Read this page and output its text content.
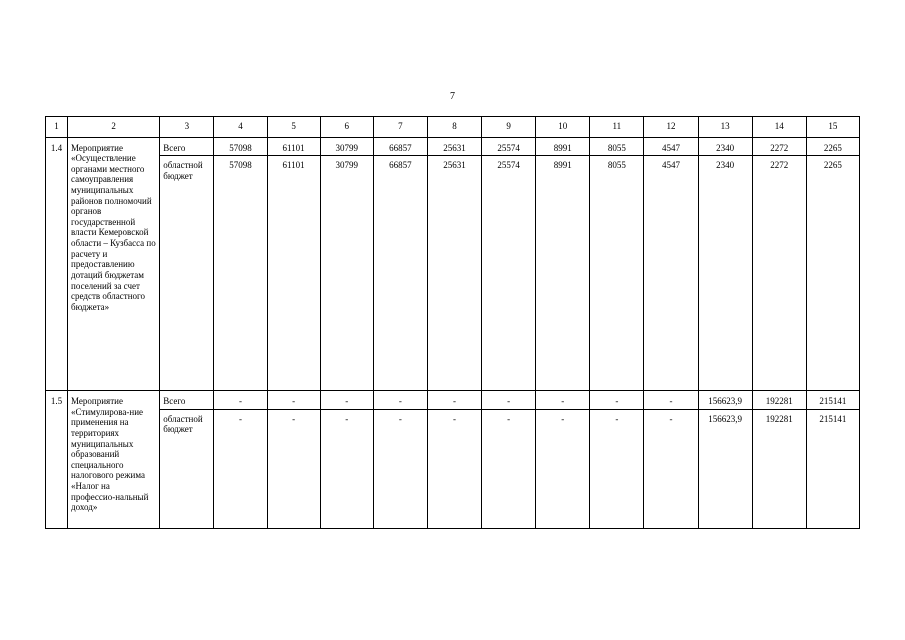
7
1	2	3	4	5	6	7	8	9	10	11	12	13	14	15
1.4	Мероприятие «Осуществление органами местного самоуправления муниципальных районов полномочий органов государственной власти Кемеровской области – Кузбасса по расчету и предоставлению дотаций бюджетам поселений за счет средств областного бюджета»	Всего	57098	61101	30799	66857	25631	25574	8991	8055	4547	2340	2272	2265
		областной бюджет	57098	61101	30799	66857	25631	25574	8991	8055	4547	2340	2272	2265
1.5	Мероприятие «Стимулирова-ние применения на территориях муниципальных образований специального налогового режима «Налог на профессио-нальный доход»	Всего	-	-	-	-	-	-	-	-	-	156623,9	192281	215141
		областной бюджет	-	-	-	-	-	-	-	-	-	156623,9	192281	215141
